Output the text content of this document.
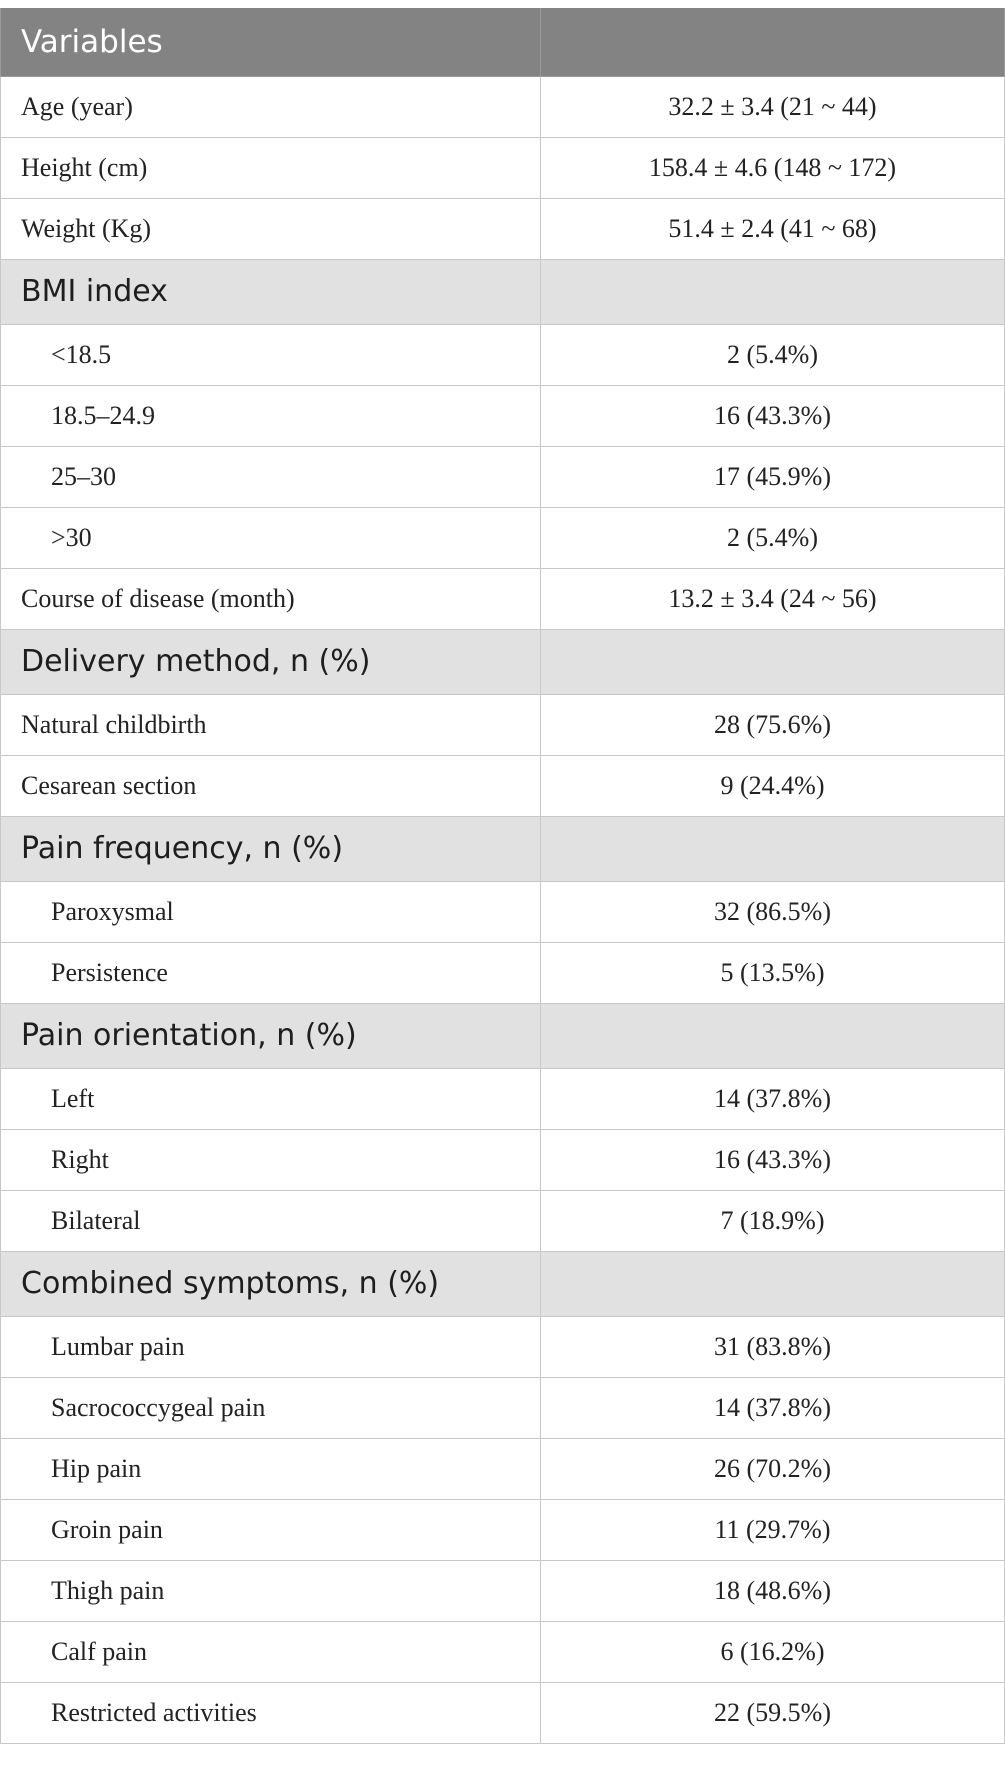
Variables	
Age (year)	32.2 ± 3.4 (21 ~ 44)
Height (cm)	158.4 ± 4.6 (148 ~ 172)
Weight (Kg)	51.4 ± 2.4 (41 ~ 68)
BMI index	
<18.5	2 (5.4%)
18.5–24.9	16 (43.3%)
25–30	17 (45.9%)
>30	2 (5.4%)
Course of disease (month)	13.2 ± 3.4 (24 ~ 56)
Delivery method, n (%)	
Natural childbirth	28 (75.6%)
Cesarean section	9 (24.4%)
Pain frequency, n (%)	
Paroxysmal	32 (86.5%)
Persistence	5 (13.5%)
Pain orientation, n (%)	
Left	14 (37.8%)
Right	16 (43.3%)
Bilateral	7 (18.9%)
Combined symptoms, n (%)	
Lumbar pain	31 (83.8%)
Sacrococcygeal pain	14 (37.8%)
Hip pain	26 (70.2%)
Groin pain	11 (29.7%)
Thigh pain	18 (48.6%)
Calf pain	6 (16.2%)
Restricted activities	22 (59.5%)
